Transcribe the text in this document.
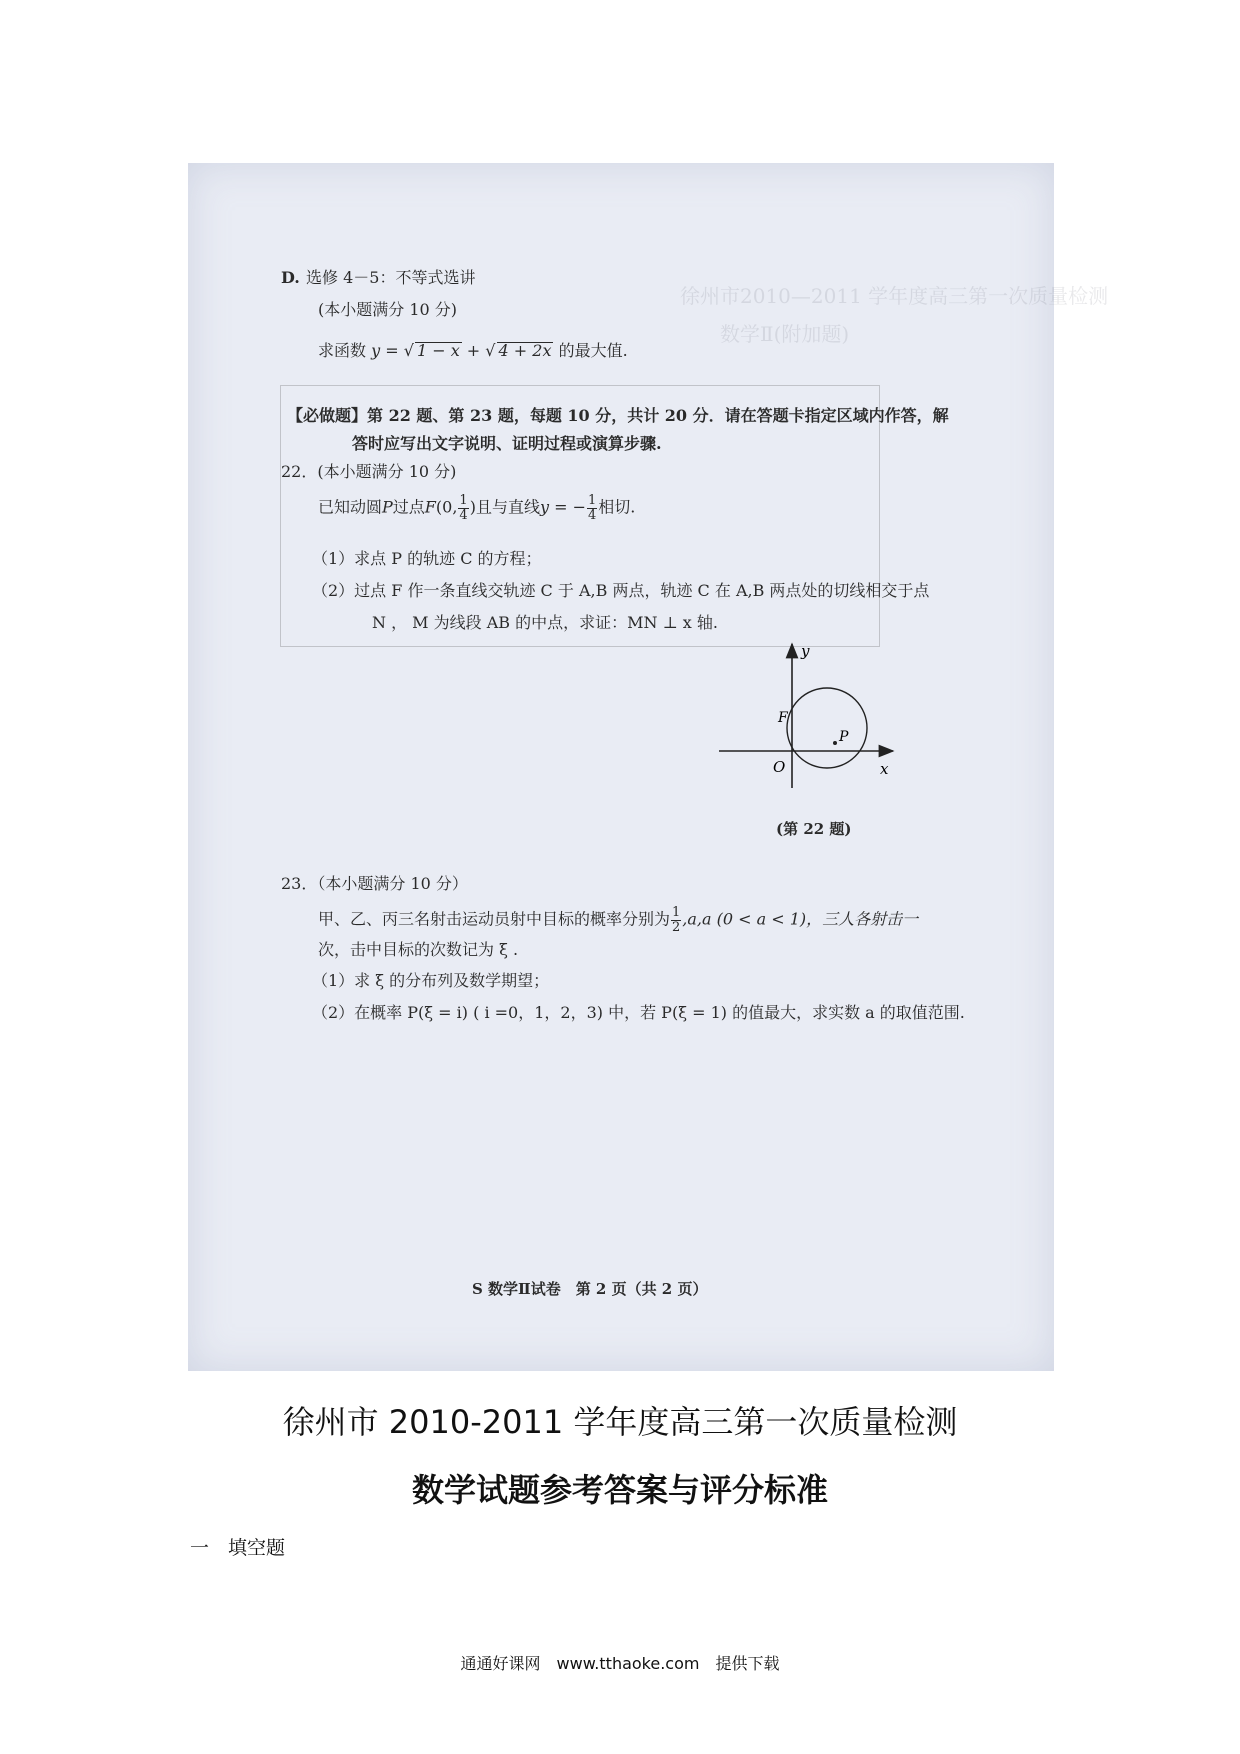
徐州市2010—2011 学年度高三第一次质量检测
数学Ⅱ(附加题)
D. 选修 4－5：不等式选讲
(本小题满分 10 分)
求函数 y = √ 1 − x + √ 4 + 2x 的最大值.
【必做题】第 22 题、第 23 题，每题 10 分，共计 20 分．请在答题卡指定区域内作答，解
答时应写出文字说明、证明过程或演算步骤.
22．(本小题满分 10 分)
已知动圆P过点F(0, $\frac{1}{4}$ )且与直线y = − $\frac{1}{4}$ 相切.
（1）求点 P 的轨迹 C 的方程；
（2）过点 F 作一条直线交轨迹 C 于 A,B 两点，轨迹 C 在 A,B 两点处的切线相交于点
N ， M 为线段 AB 的中点，求证：MN ⊥ x 轴.
y
x
F
O
P
(第 22 题)
23．（本小题满分 10 分）
甲、乙、丙三名射击运动员射中目标的概率分别为 $\frac{1}{2} ,a,a$ (0 < a < 1)，三人各射击一
次，击中目标的次数记为 ξ .
（1）求 ξ 的分布列及数学期望；
（2）在概率 P(ξ = i) ( i =0，1，2，3) 中，若 P(ξ = 1) 的值最大，求实数 a 的取值范围.
S 数学Ⅱ试卷　第 2 页（共 2 页）
徐州市 2010-2011 学年度高三第一次质量检测
数学试题参考答案与评分标准
一　填空题
通通好课网　www.tthaoke.com　提供下载
